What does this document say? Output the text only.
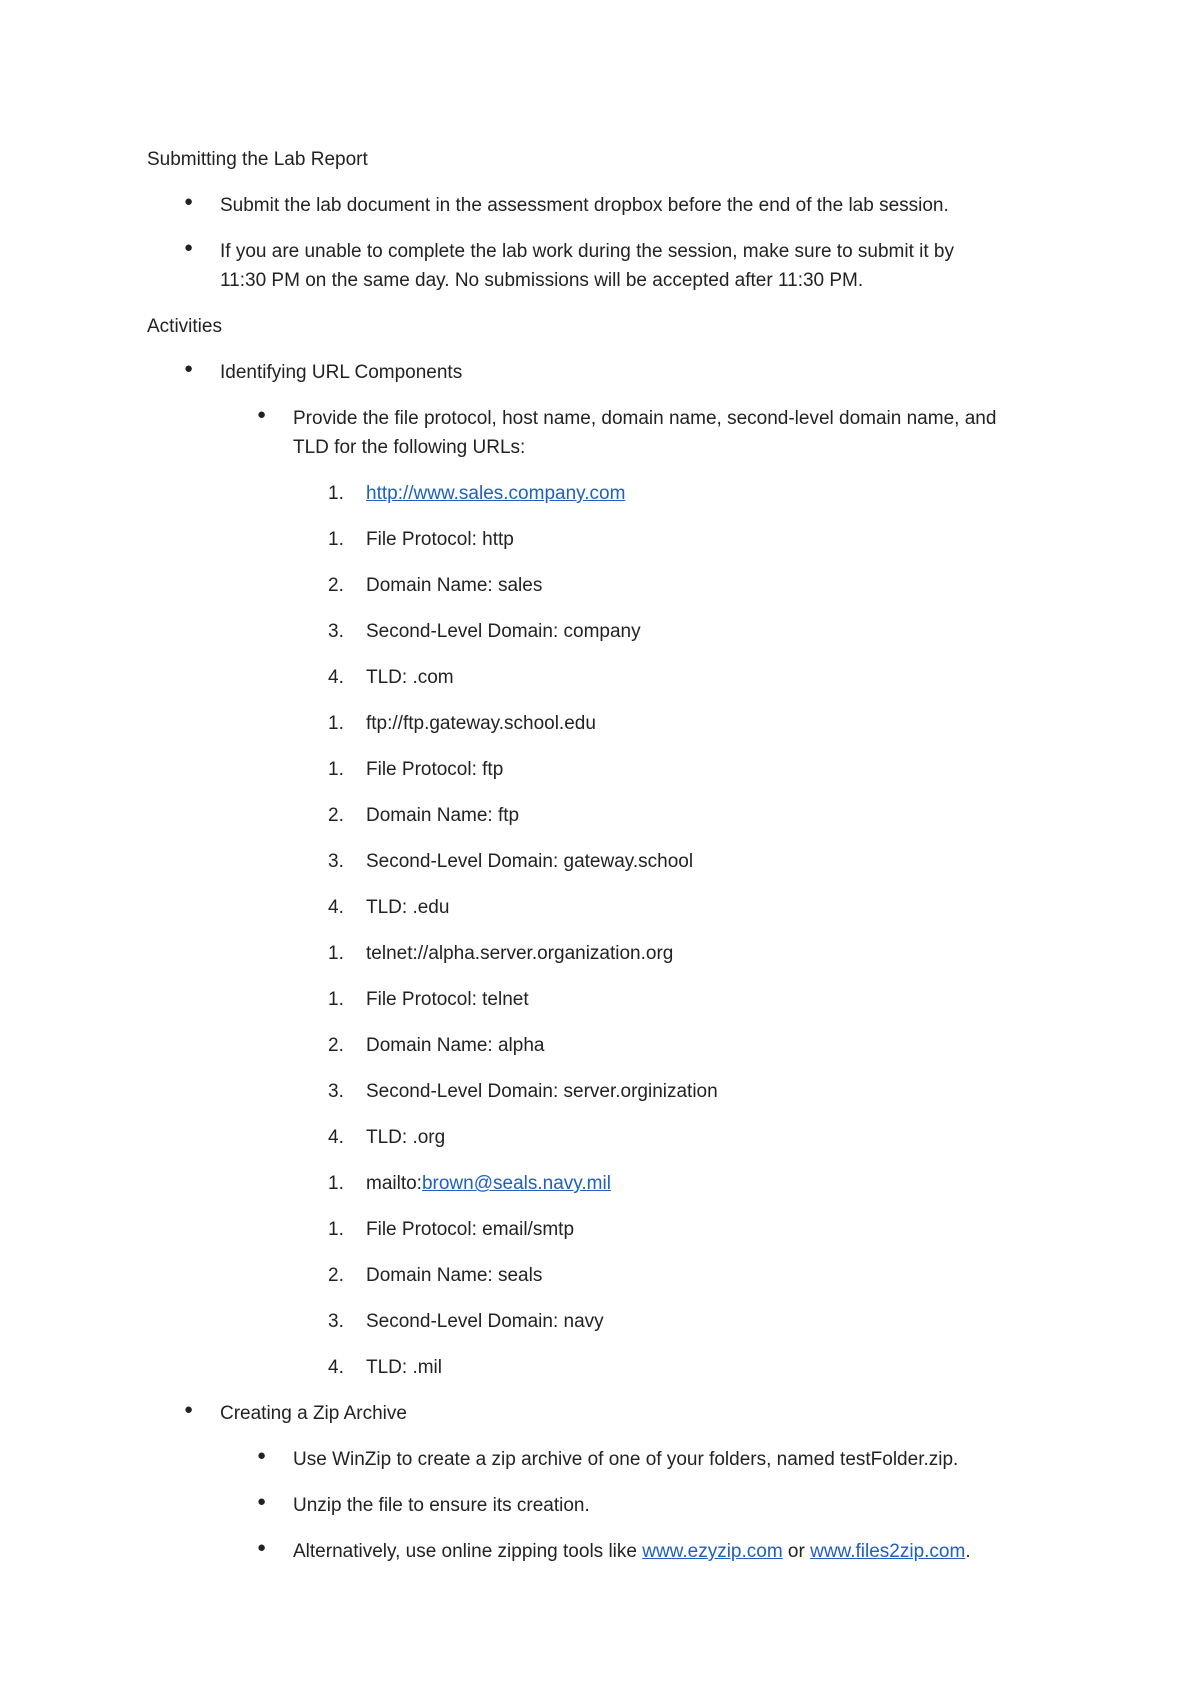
Submitting the Lab Report
● Submit the lab document in the assessment dropbox before the end of the lab session.
● If you are unable to complete the lab work during the session, make sure to submit it by
11:30 PM on the same day. No submissions will be accepted after 11:30 PM.
Activities
● Identifying URL Components
● Provide the file protocol, host name, domain name, second-level domain name, and
TLD for the following URLs:
1. http://www.sales.company.com
1. File Protocol: http
2. Domain Name: sales
3. Second-Level Domain: company
4. TLD: .com
1. ftp://ftp.gateway.school.edu
1. File Protocol: ftp
2. Domain Name: ftp
3. Second-Level Domain: gateway.school
4. TLD: .edu
1. telnet://alpha.server.organization.org
1. File Protocol: telnet
2. Domain Name: alpha
3. Second-Level Domain: server.orginization
4. TLD: .org
1. mailto:brown@seals.navy.mil
1. File Protocol: email/smtp
2. Domain Name: seals
3. Second-Level Domain: navy
4. TLD: .mil
● Creating a Zip Archive
● Use WinZip to create a zip archive of one of your folders, named testFolder.zip.
● Unzip the file to ensure its creation.
● Alternatively, use online zipping tools like www.ezyzip.com or www.files2zip.com.
